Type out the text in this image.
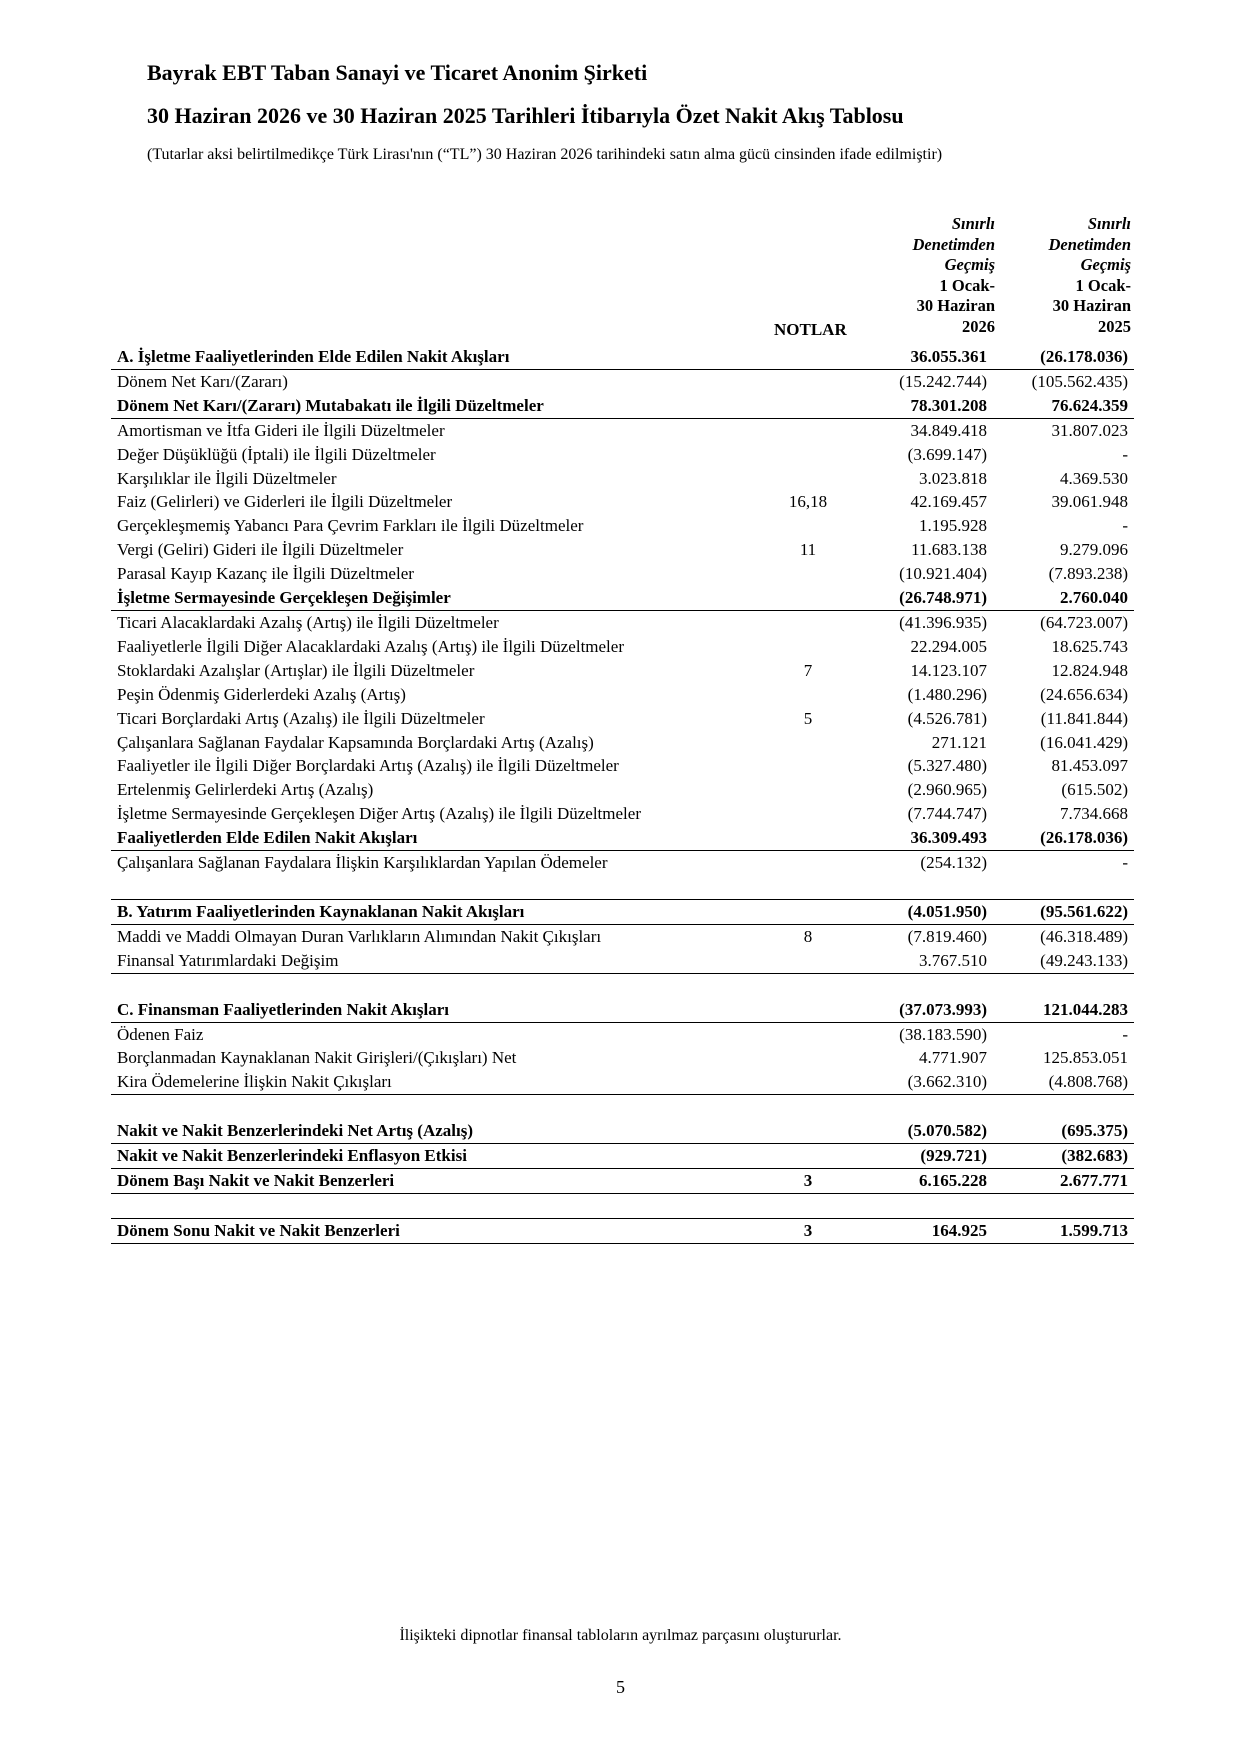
Bayrak EBT Taban Sanayi ve Ticaret Anonim Şirketi
30 Haziran 2026 ve 30 Haziran 2025 Tarihleri İtibarıyla Özet Nakit Akış Tablosu
(Tutarlar aksi belirtilmedikçe Türk Lirası'nın (“TL”) 30 Haziran 2026 tarihindeki satın alma gücü cinsinden ifade edilmiştir)
NOTLAR
Sınırlı
Denetimden
Geçmiş
1 Ocak-
30 Haziran
2026
Sınırlı
Denetimden
Geçmiş
1 Ocak-
30 Haziran
2025
A. İşletme Faaliyetlerinden Elde Edilen Nakit Akışları		36.055.361	(26.178.036)
Dönem Net Karı/(Zararı)		(15.242.744)	(105.562.435)
Dönem Net Karı/(Zararı) Mutabakatı ile İlgili Düzeltmeler		78.301.208	76.624.359
Amortisman ve İtfa Gideri ile İlgili Düzeltmeler		34.849.418	31.807.023
Değer Düşüklüğü (İptali) ile İlgili Düzeltmeler		(3.699.147)	-
Karşılıklar ile İlgili Düzeltmeler		3.023.818	4.369.530
Faiz (Gelirleri) ve Giderleri ile İlgili Düzeltmeler	16,18	42.169.457	39.061.948
Gerçekleşmemiş Yabancı Para Çevrim Farkları ile İlgili Düzeltmeler		1.195.928	-
Vergi (Geliri) Gideri ile İlgili Düzeltmeler	11	11.683.138	9.279.096
Parasal Kayıp Kazanç ile İlgili Düzeltmeler		(10.921.404)	(7.893.238)
İşletme Sermayesinde Gerçekleşen Değişimler		(26.748.971)	2.760.040
Ticari Alacaklardaki Azalış (Artış) ile İlgili Düzeltmeler		(41.396.935)	(64.723.007)
Faaliyetlerle İlgili Diğer Alacaklardaki Azalış (Artış) ile İlgili Düzeltmeler		22.294.005	18.625.743
Stoklardaki Azalışlar (Artışlar) ile İlgili Düzeltmeler	7	14.123.107	12.824.948
Peşin Ödenmiş Giderlerdeki Azalış (Artış)		(1.480.296)	(24.656.634)
Ticari Borçlardaki Artış (Azalış) ile İlgili Düzeltmeler	5	(4.526.781)	(11.841.844)
Çalışanlara Sağlanan Faydalar Kapsamında Borçlardaki Artış (Azalış)		271.121	(16.041.429)
Faaliyetler ile İlgili Diğer Borçlardaki Artış (Azalış) ile İlgili Düzeltmeler		(5.327.480)	81.453.097
Ertelenmiş Gelirlerdeki Artış (Azalış)		(2.960.965)	(615.502)
İşletme Sermayesinde Gerçekleşen Diğer Artış (Azalış) ile İlgili Düzeltmeler		(7.744.747)	7.734.668
Faaliyetlerden Elde Edilen Nakit Akışları		36.309.493	(26.178.036)
Çalışanlara Sağlanan Faydalara İlişkin Karşılıklardan Yapılan Ödemeler		(254.132)	-

B. Yatırım Faaliyetlerinden Kaynaklanan Nakit Akışları		(4.051.950)	(95.561.622)
Maddi ve Maddi Olmayan Duran Varlıkların Alımından Nakit Çıkışları	8	(7.819.460)	(46.318.489)
Finansal Yatırımlardaki Değişim		3.767.510	(49.243.133)

C. Finansman Faaliyetlerinden Nakit Akışları		(37.073.993)	121.044.283
Ödenen Faiz		(38.183.590)	-
Borçlanmadan Kaynaklanan Nakit Girişleri/(Çıkışları) Net		4.771.907	125.853.051
Kira Ödemelerine İlişkin Nakit Çıkışları		(3.662.310)	(4.808.768)

Nakit ve Nakit Benzerlerindeki Net Artış (Azalış)		(5.070.582)	(695.375)
Nakit ve Nakit Benzerlerindeki Enflasyon Etkisi		(929.721)	(382.683)
Dönem Başı Nakit ve Nakit Benzerleri	3	6.165.228	2.677.771

Dönem Sonu Nakit ve Nakit Benzerleri	3	164.925	1.599.713
İlişikteki dipnotlar finansal tabloların ayrılmaz parçasını oluştururlar.
5
